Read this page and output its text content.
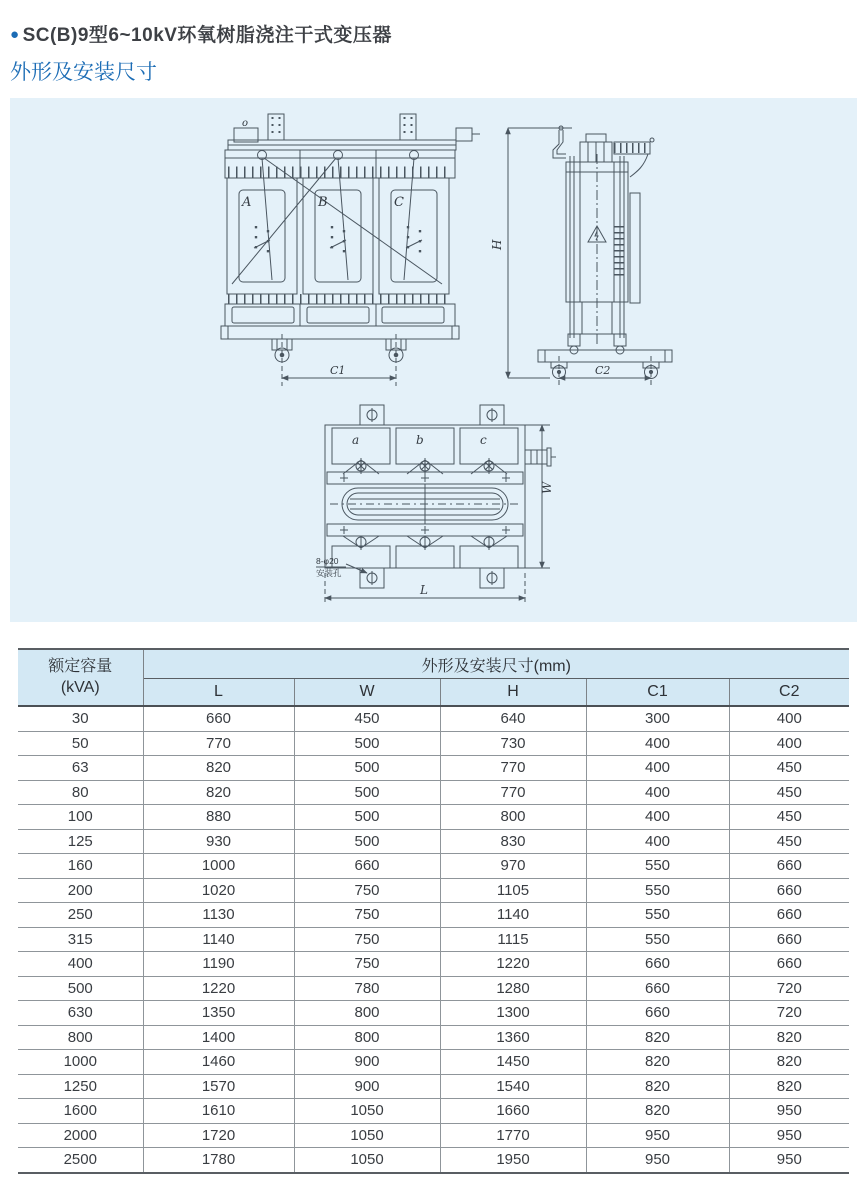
● SC(B)9型6~10kV环氧树脂浇注干式变压器
外形及安装尺寸
o
A	B	C
C1
H
C2
a	b	c
8-φ20
安装孔
W
L
额定容量
(kVA)	外形及安装尺寸(mm)				
	L	W	H	C1	C2
30	660	450	640	300	400
50	770	500	730	400	400
63	820	500	770	400	450
80	820	500	770	400	450
100	880	500	800	400	450
125	930	500	830	400	450
160	1000	660	970	550	660
200	1020	750	1105	550	660
250	1130	750	1140	550	660
315	1140	750	1115	550	660
400	1190	750	1220	660	660
500	1220	780	1280	660	720
630	1350	800	1300	660	720
800	1400	800	1360	820	820
1000	1460	900	1450	820	820
1250	1570	900	1540	820	820
1600	1610	1050	1660	820	950
2000	1720	1050	1770	950	950
2500	1780	1050	1950	950	950
